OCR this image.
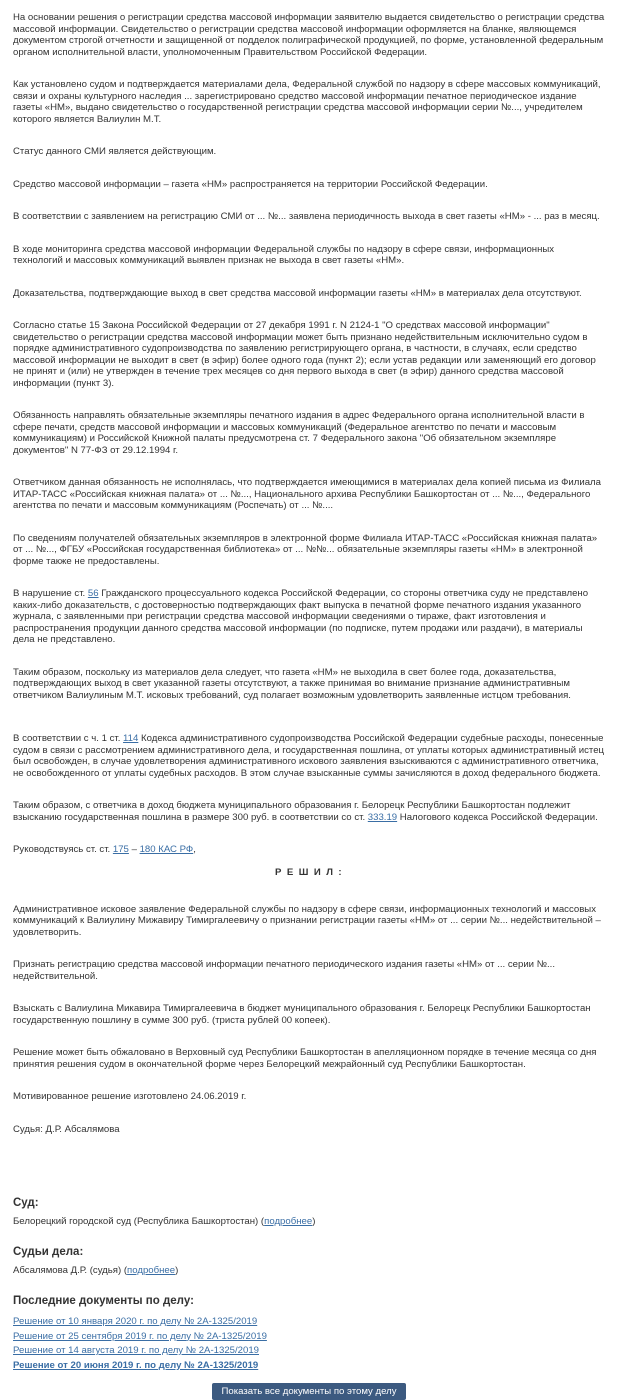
На основании решения о регистрации средства массовой информации заявителю выдается свидетельство о регистрации средства массовой информации. Свидетельство о регистрации средства массовой информации оформляется на бланке, являющемся документом строгой отчетности и защищенной от подделок полиграфической продукцией, по форме, установленной федеральным органом исполнительной власти, уполномоченным Правительством Российской Федерации.

Как установлено судом и подтверждается материалами дела, Федеральной службой по надзору в сфере массовых коммуникаций, связи и охраны культурного наследия ... зарегистрировано средство массовой информации печатное периодическое издание газеты «НМ», выдано свидетельство о государственной регистрации средства массовой информации серии №..., учредителем которого является Валиулин М.Т.

Статус данного СМИ является действующим.

Средство массовой информации – газета «НМ» распространяется на территории Российской Федерации.

В соответствии с заявлением на регистрацию СМИ от ... №... заявлена периодичность выхода в свет газеты «НМ» - ... раз в месяц.

В ходе мониторинга средства массовой информации Федеральной службы по надзору в сфере связи, информационных технологий и массовых коммуникаций выявлен признак не выхода в свет газеты «НМ».

Доказательства, подтверждающие выход в свет средства массовой информации газеты «НМ» в материалах дела отсутствуют.

Согласно статье 15 Закона Российской Федерации от 27 декабря 1991 г. N 2124-1 "О средствах массовой информации" свидетельство о регистрации средства массовой информации может быть признано недействительным исключительно судом в порядке административного судопроизводства по заявлению регистрирующего органа, в частности, в случаях, если средство массовой информации не выходит в свет (в эфир) более одного года (пункт 2); если устав редакции или заменяющий его договор не принят и (или) не утвержден в течение трех месяцев со дня первого выхода в свет (в эфир) данного средства массовой информации (пункт 3).

Обязанность направлять обязательные экземпляры печатного издания в адрес Федерального органа исполнительной власти в сфере печати, средств массовой информации и массовых коммуникаций (Федеральное агентство по печати и массовым коммуникациям) и Российской Книжной палаты предусмотрена ст. 7 Федерального закона "Об обязательном экземпляре документов" N 77-ФЗ от 29.12.1994 г.

Ответчиком данная обязанность не исполнялась, что подтверждается имеющимися в материалах дела копией письма из Филиала ИТАР-ТАСС «Российская книжная палата» от ... №..., Национального архива Республики Башкортостан от ... №..., Федерального агентства по печати и массовым коммуникациям (Роспечать) от ... №....

По сведениям получателей обязательных экземпляров в электронной форме Филиала ИТАР-ТАСС «Российская книжная палата» от ... №..., ФГБУ «Российская государственная библиотека» от ... №№... обязательные экземпляры газеты «НМ» в электронной форме также не предоставлены.

В нарушение ст. 56 Гражданского процессуального кодекса Российской Федерации, со стороны ответчика суду не представлено каких-либо доказательств, с достоверностью подтверждающих факт выпуска в печатной форме печатного издания указанного журнала, с заявленными при регистрации средства массовой информации сведениями о тираже, факт изготовления и распространения продукции данного средства массовой информации (по подписке, путем продажи или раздачи), в материалы дела не представлено.

Таким образом, поскольку из материалов дела следует, что газета «НМ» не выходила в свет более года, доказательства, подтверждающих выход в свет указанной газеты отсутствуют, а также принимая во внимание признание административным ответчиком Валиулиным М.Т. исковых требований, суд полагает возможным удовлетворить заявленные истцом требования.

В соответствии с ч. 1 ст. 114 Кодекса административного судопроизводства Российской Федерации судебные расходы, понесенные судом в связи с рассмотрением административного дела, и государственная пошлина, от уплаты которых административный истец был освобожден, в случае удовлетворения административного искового заявления взыскиваются с административного ответчика, не освобожденного от уплаты судебных расходов. В этом случае взысканные суммы зачисляются в доход федерального бюджета.

Таким образом, с ответчика в доход бюджета муниципального образования г. Белорецк Республики Башкортостан подлежит взысканию государственная пошлина в размере 300 руб. в соответствии со ст. 333.19 Налогового кодекса Российской Федерации.

Руководствуясь ст. ст. 175 – 180 КАС РФ,

Р Е Ш И Л :

Административное исковое заявление Федеральной службы по надзору в сфере связи, информационных технологий и массовых коммуникаций к Валиулину Мижавиру Тимиргалеевичу о признании регистрации газеты «НМ» от ... серии №... недействительной – удовлетворить.

Признать регистрацию средства массовой информации печатного периодического издания газеты «НМ» от ... серии №... недействительной.

Взыскать с Валиулина Микавира Тимиргалеевича в бюджет муниципального образования г. Белорецк Республики Башкортостан государственную пошлину в сумме 300 руб. (триста рублей 00 копеек).

Решение может быть обжаловано в Верховный суд Республики Башкортостан в апелляционном порядке в течение месяца со дня принятия решения судом в окончательной форме через Белорецкий межрайонный суд Республики Башкортостан.

Мотивированное решение изготовлено 24.06.2019 г.

Судья: Д.Р. Абсалямова

Суд:
Белорецкий городской суд (Республика Башкортостан) (подробнее)
Судьи дела:
Абсалямова Д.Р. (судья) (подробнее)
Последние документы по делу:
Решение от 10 января 2020 г. по делу № 2А-1325/2019
Решение от 25 сентября 2019 г. по делу № 2А-1325/2019
Решение от 14 августа 2019 г. по делу № 2А-1325/2019
Решение от 20 июня 2019 г. по делу № 2А-1325/2019
Показать все документы по этому делу
